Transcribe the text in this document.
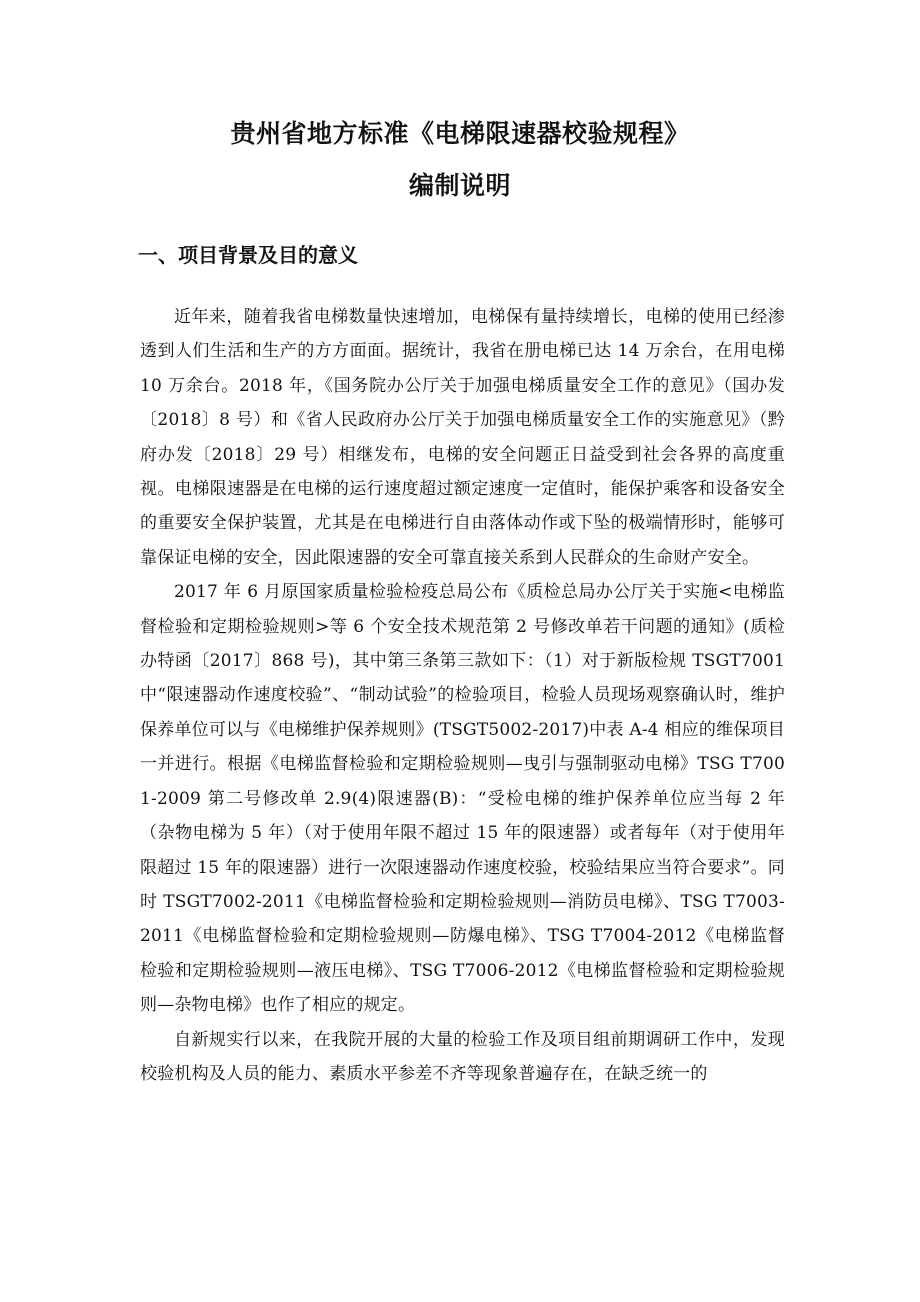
贵州省地方标准《电梯限速器校验规程》
编制说明
一、项目背景及目的意义

近年来，随着我省电梯数量快速增加，电梯保有量持续增长，电梯的使用已经渗透到人们生活和生产的方方面面。据统计，我省在册电梯已达 14 万余台，在用电梯 10 万余台。2018 年，《国务院办公厅关于加强电梯质量安全工作的意见》（国办发〔2018〕8 号）和《省人民政府办公厅关于加强电梯质量安全工作的实施意见》（黔府办发〔2018〕29 号）相继发布，电梯的安全问题正日益受到社会各界的高度重视。电梯限速器是在电梯的运行速度超过额定速度一定值时，能保护乘客和设备安全的重要安全保护装置，尤其是在电梯进行自由落体动作或下坠的极端情形时，能够可靠保证电梯的安全，因此限速器的安全可靠直接关系到人民群众的生命财产安全。

2017 年 6 月原国家质量检验检疫总局公布《质检总局办公厅关于实施<电梯监督检验和定期检验规则>等 6 个安全技术规范第 2 号修改单若干问题的通知》(质检办特函〔2017〕868 号)，其中第三条第三款如下：（1）对于新版检规 TSGT7001 中“限速器动作速度校验”、“制动试验”的检验项目，检验人员现场观察确认时，维护保养单位可以与《电梯维护保养规则》(TSGT5002-2017)中表 A-4 相应的维保项目一并进行。根据《电梯监督检验和定期检验规则—曳引与强制驱动电梯》TSG T7001-2009 第二号修改单 2.9(4)限速器(B)：“受检电梯的维护保养单位应当每 2 年（杂物电梯为 5 年）（对于使用年限不超过 15 年的限速器）或者每年（对于使用年限超过 15 年的限速器）进行一次限速器动作速度校验，校验结果应当符合要求”。同时 TSGT7002-2011《电梯监督检验和定期检验规则—消防员电梯》、TSG T7003-2011《电梯监督检验和定期检验规则—防爆电梯》、TSG T7004-2012《电梯监督检验和定期检验规则—液压电梯》、TSG T7006-2012《电梯监督检验和定期检验规则—杂物电梯》也作了相应的规定。

自新规实行以来，在我院开展的大量的检验工作及项目组前期调研工作中，发现校验机构及人员的能力、素质水平参差不齐等现象普遍存在，在缺乏统一的
